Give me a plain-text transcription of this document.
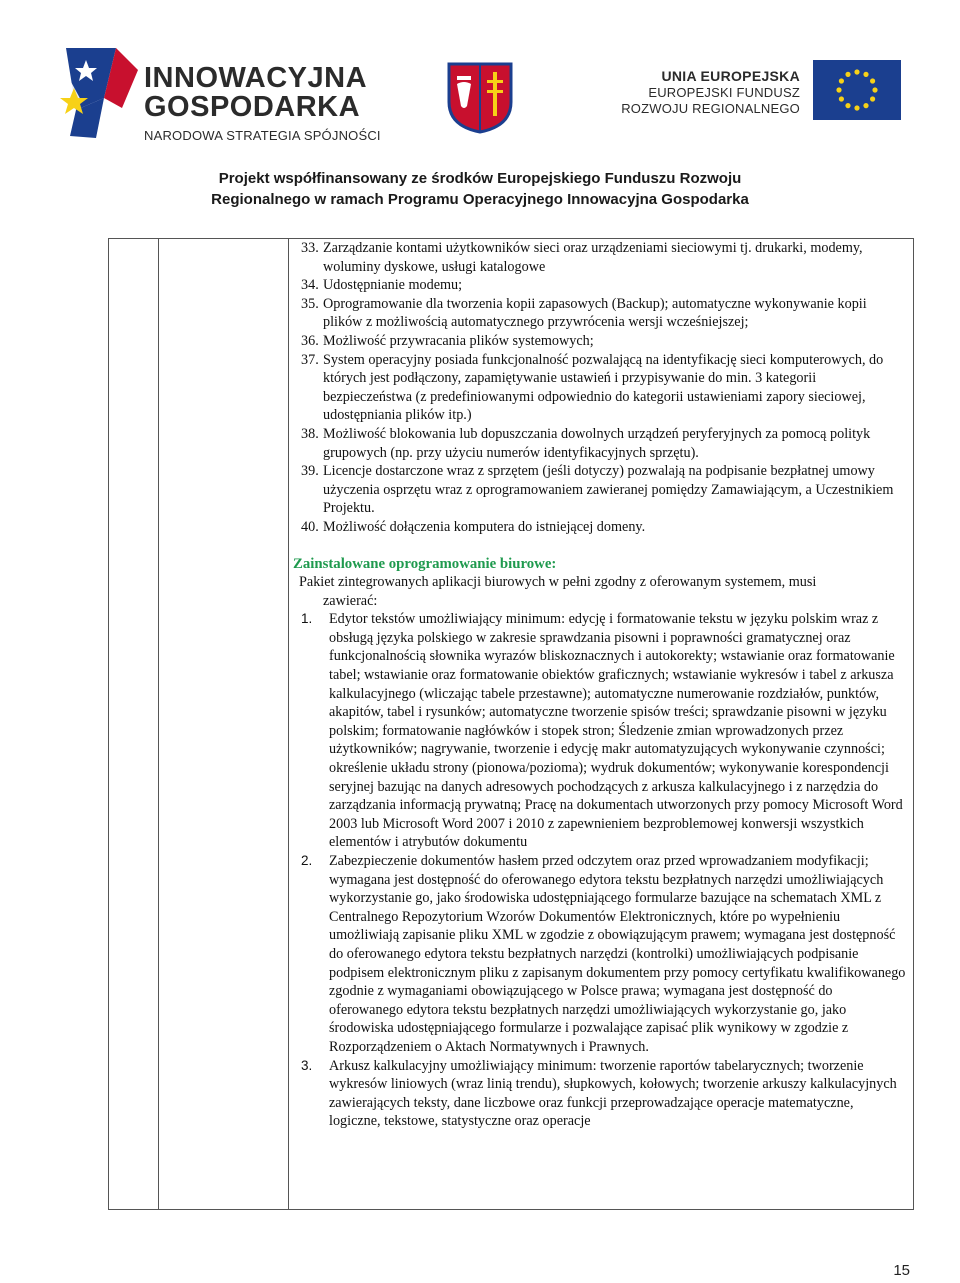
INNOWACYJNA
GOSPODARKA
NARODOWA STRATEGIA SPÓJNOŚCI
UNIA EUROPEJSKA
EUROPEJSKI FUNDUSZ
ROZWOJU REGIONALNEGO
Projekt współfinansowany ze środków Europejskiego Funduszu Rozwoju
Regionalnego w ramach Programu Operacyjnego Innowacyjna Gospodarka
33. Zarządzanie kontami użytkowników sieci oraz urządzeniami sieciowymi tj. drukarki, modemy, woluminy dyskowe, usługi katalogowe
34. Udostępnianie modemu;
35. Oprogramowanie dla tworzenia kopii zapasowych (Backup); automatyczne wykonywanie kopii plików z możliwością automatycznego przywrócenia wersji wcześniejszej;
36. Możliwość przywracania plików systemowych;
37. System operacyjny posiada funkcjonalność pozwalającą na identyfikację sieci komputerowych, do których jest podłączony, zapamiętywanie ustawień i przypisywanie do min. 3 kategorii bezpieczeństwa (z predefiniowanymi odpowiednio do kategorii ustawieniami zapory sieciowej, udostępniania plików itp.)
38. Możliwość blokowania lub dopuszczania dowolnych urządzeń peryferyjnych za pomocą polityk grupowych (np. przy użyciu numerów identyfikacyjnych sprzętu).
39. Licencje dostarczone wraz z sprzętem (jeśli dotyczy) pozwalają na podpisanie bezpłatnej umowy użyczenia osprzętu wraz z oprogramowaniem zawieranej pomiędzy Zamawiającym, a Uczestnikiem Projektu.
40. Możliwość dołączenia komputera do istniejącej domeny.
Zainstalowane oprogramowanie biurowe:
Pakiet zintegrowanych aplikacji biurowych w pełni zgodny z oferowanym systemem, musi
zawierać:
1. Edytor tekstów umożliwiający minimum: edycję i formatowanie tekstu w języku polskim wraz z obsługą języka polskiego w zakresie sprawdzania pisowni i poprawności gramatycznej oraz funkcjonalnością słownika wyrazów bliskoznacznych i autokorekty; wstawianie oraz formatowanie tabel; wstawianie oraz formatowanie obiektów graficznych; wstawianie wykresów i tabel z arkusza kalkulacyjnego (wliczając tabele przestawne); automatyczne numerowanie rozdziałów, punktów, akapitów, tabel i rysunków; automatyczne tworzenie spisów treści; sprawdzanie pisowni w języku polskim; formatowanie nagłówków i stopek stron; Śledzenie zmian wprowadzonych przez użytkowników; nagrywanie, tworzenie i edycję makr automatyzujących wykonywanie czynności; określenie układu strony (pionowa/pozioma); wydruk dokumentów; wykonywanie korespondencji seryjnej bazując na danych adresowych pochodzących z arkusza kalkulacyjnego i z narzędzia do zarządzania informacją prywatną; Pracę na dokumentach utworzonych przy pomocy Microsoft Word 2003 lub Microsoft Word 2007 i 2010 z zapewnieniem bezproblemowej konwersji wszystkich elementów i atrybutów dokumentu
2. Zabezpieczenie dokumentów hasłem przed odczytem oraz przed wprowadzaniem modyfikacji; wymagana jest dostępność do oferowanego edytora tekstu bezpłatnych narzędzi umożliwiających wykorzystanie go, jako środowiska udostępniającego formularze bazujące na schematach XML z Centralnego Repozytorium Wzorów Dokumentów Elektronicznych, które po wypełnieniu umożliwiają zapisanie pliku XML w zgodzie z obowiązującym prawem; wymagana jest dostępność do oferowanego edytora tekstu bezpłatnych narzędzi (kontrolki) umożliwiających podpisanie podpisem elektronicznym pliku z zapisanym dokumentem przy pomocy certyfikatu kwalifikowanego zgodnie z wymaganiami obowiązującego w Polsce prawa; wymagana jest dostępność do oferowanego edytora tekstu bezpłatnych narzędzi umożliwiających wykorzystanie go, jako środowiska udostępniającego formularze i pozwalające zapisać plik wynikowy w zgodzie z Rozporządzeniem o Aktach Normatywnych i Prawnych.
3. Arkusz kalkulacyjny umożliwiający minimum: tworzenie raportów tabelarycznych; tworzenie wykresów liniowych (wraz linią trendu), słupkowych, kołowych; tworzenie arkuszy kalkulacyjnych zawierających teksty, dane liczbowe oraz funkcji przeprowadzające operacje matematyczne, logiczne, tekstowe, statystyczne oraz operacje
15
